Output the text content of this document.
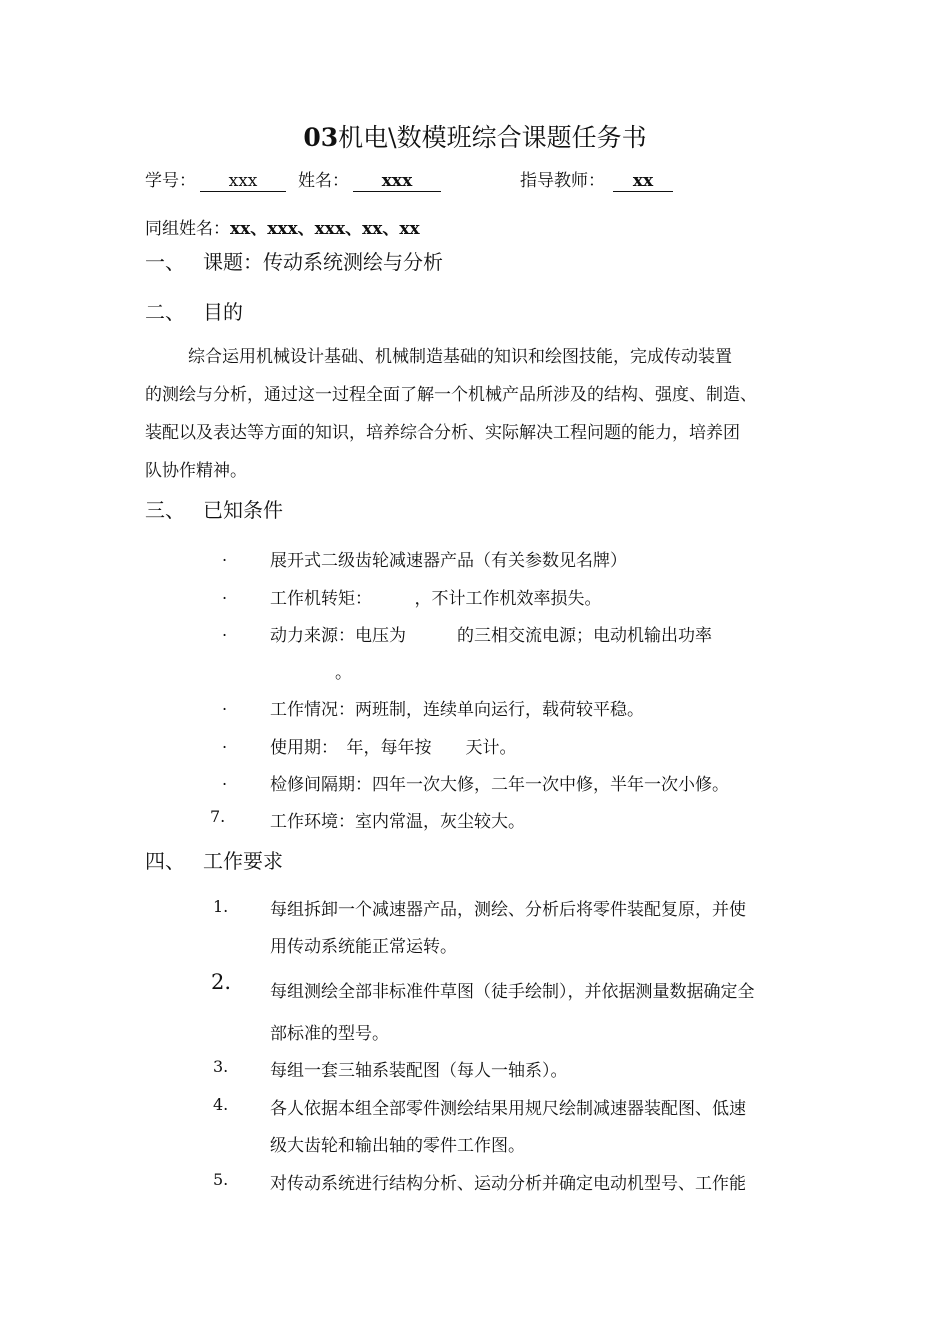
03机电\数模班综合课题任务书
学号： xxx	姓名： xxx	指导教师： xx
同组姓名：xx、xxx、xxx、xx、xx
一、 课题：传动系统测绘与分析
二、 目的
综合运用机械设计基础、机械制造基础的知识和绘图技能，完成传动装置
的测绘与分析，通过这一过程全面了解一个机械产品所涉及的结构、强度、制造、
装配以及表达等方面的知识，培养综合分析、实际解决工程问题的能力，培养团
队协作精神。
三、 已知条件
.	展开式二级齿轮减速器产品（有关参数见名牌）
.	工作机转矩：　　　，不计工作机效率损失。
.	动力来源：电压为　　　的三相交流电源；电动机输出功率
。
.	工作情况：两班制，连续单向运行，载荷较平稳。
.	使用期：　年，每年按　　天计。
.	检修间隔期：四年一次大修，二年一次中修，半年一次小修。
7.	工作环境：室内常温，灰尘较大。
四、 工作要求
1. 每组拆卸一个减速器产品，测绘、分析后将零件装配复原，并使
用传动系统能正常运转。
2. 每组测绘全部非标准件草图（徒手绘制），并依据测量数据确定全
部标准的型号。
3. 每组一套三轴系装配图（每人一轴系）。
4. 各人依据本组全部零件测绘结果用规尺绘制减速器装配图、低速
级大齿轮和输出轴的零件工作图。
5. 对传动系统进行结构分析、运动分析并确定电动机型号、工作能
